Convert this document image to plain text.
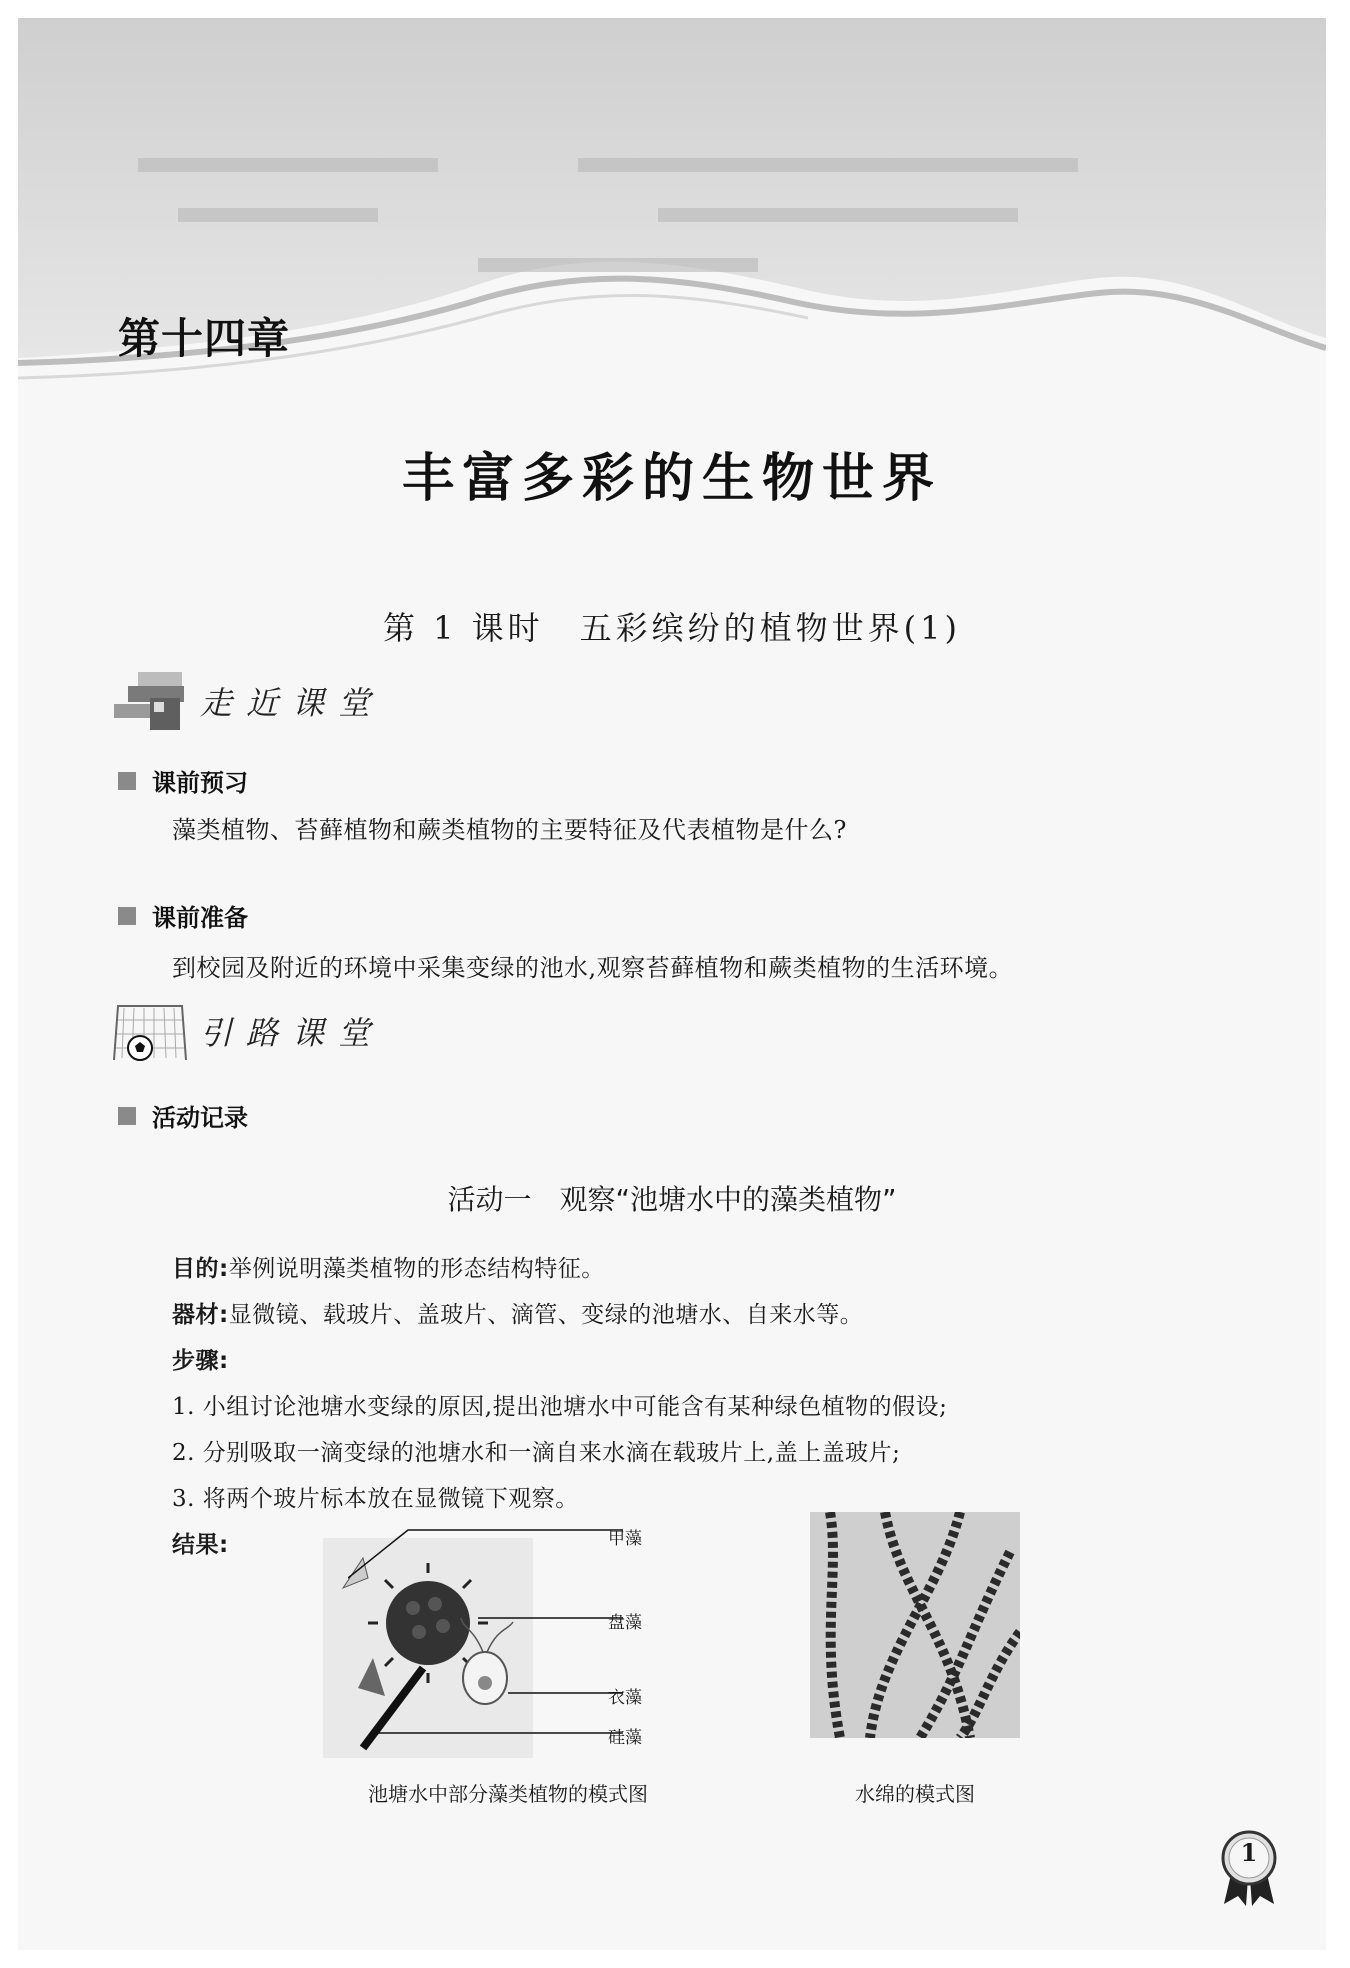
第十四章
丰富多彩的生物世界
第 1 课时　五彩缤纷的植物世界(1)
走近课堂
课前预习
藻类植物、苔藓植物和蕨类植物的主要特征及代表植物是什么?
课前准备
到校园及附近的环境中采集变绿的池水,观察苔藓植物和蕨类植物的生活环境。
引路课堂
活动记录
活动一　观察“池塘水中的藻类植物”
目的:举例说明藻类植物的形态结构特征。
器材:显微镜、载玻片、盖玻片、滴管、变绿的池塘水、自来水等。
步骤:
1. 小组讨论池塘水变绿的原因,提出池塘水中可能含有某种绿色植物的假设;
2. 分别吸取一滴变绿的池塘水和一滴自来水滴在载玻片上,盖上盖玻片;
3. 将两个玻片标本放在显微镜下观察。
结果:	甲藻
盘藻
衣藻
硅藻
池塘水中部分藻类植物的模式图	水绵的模式图
1
